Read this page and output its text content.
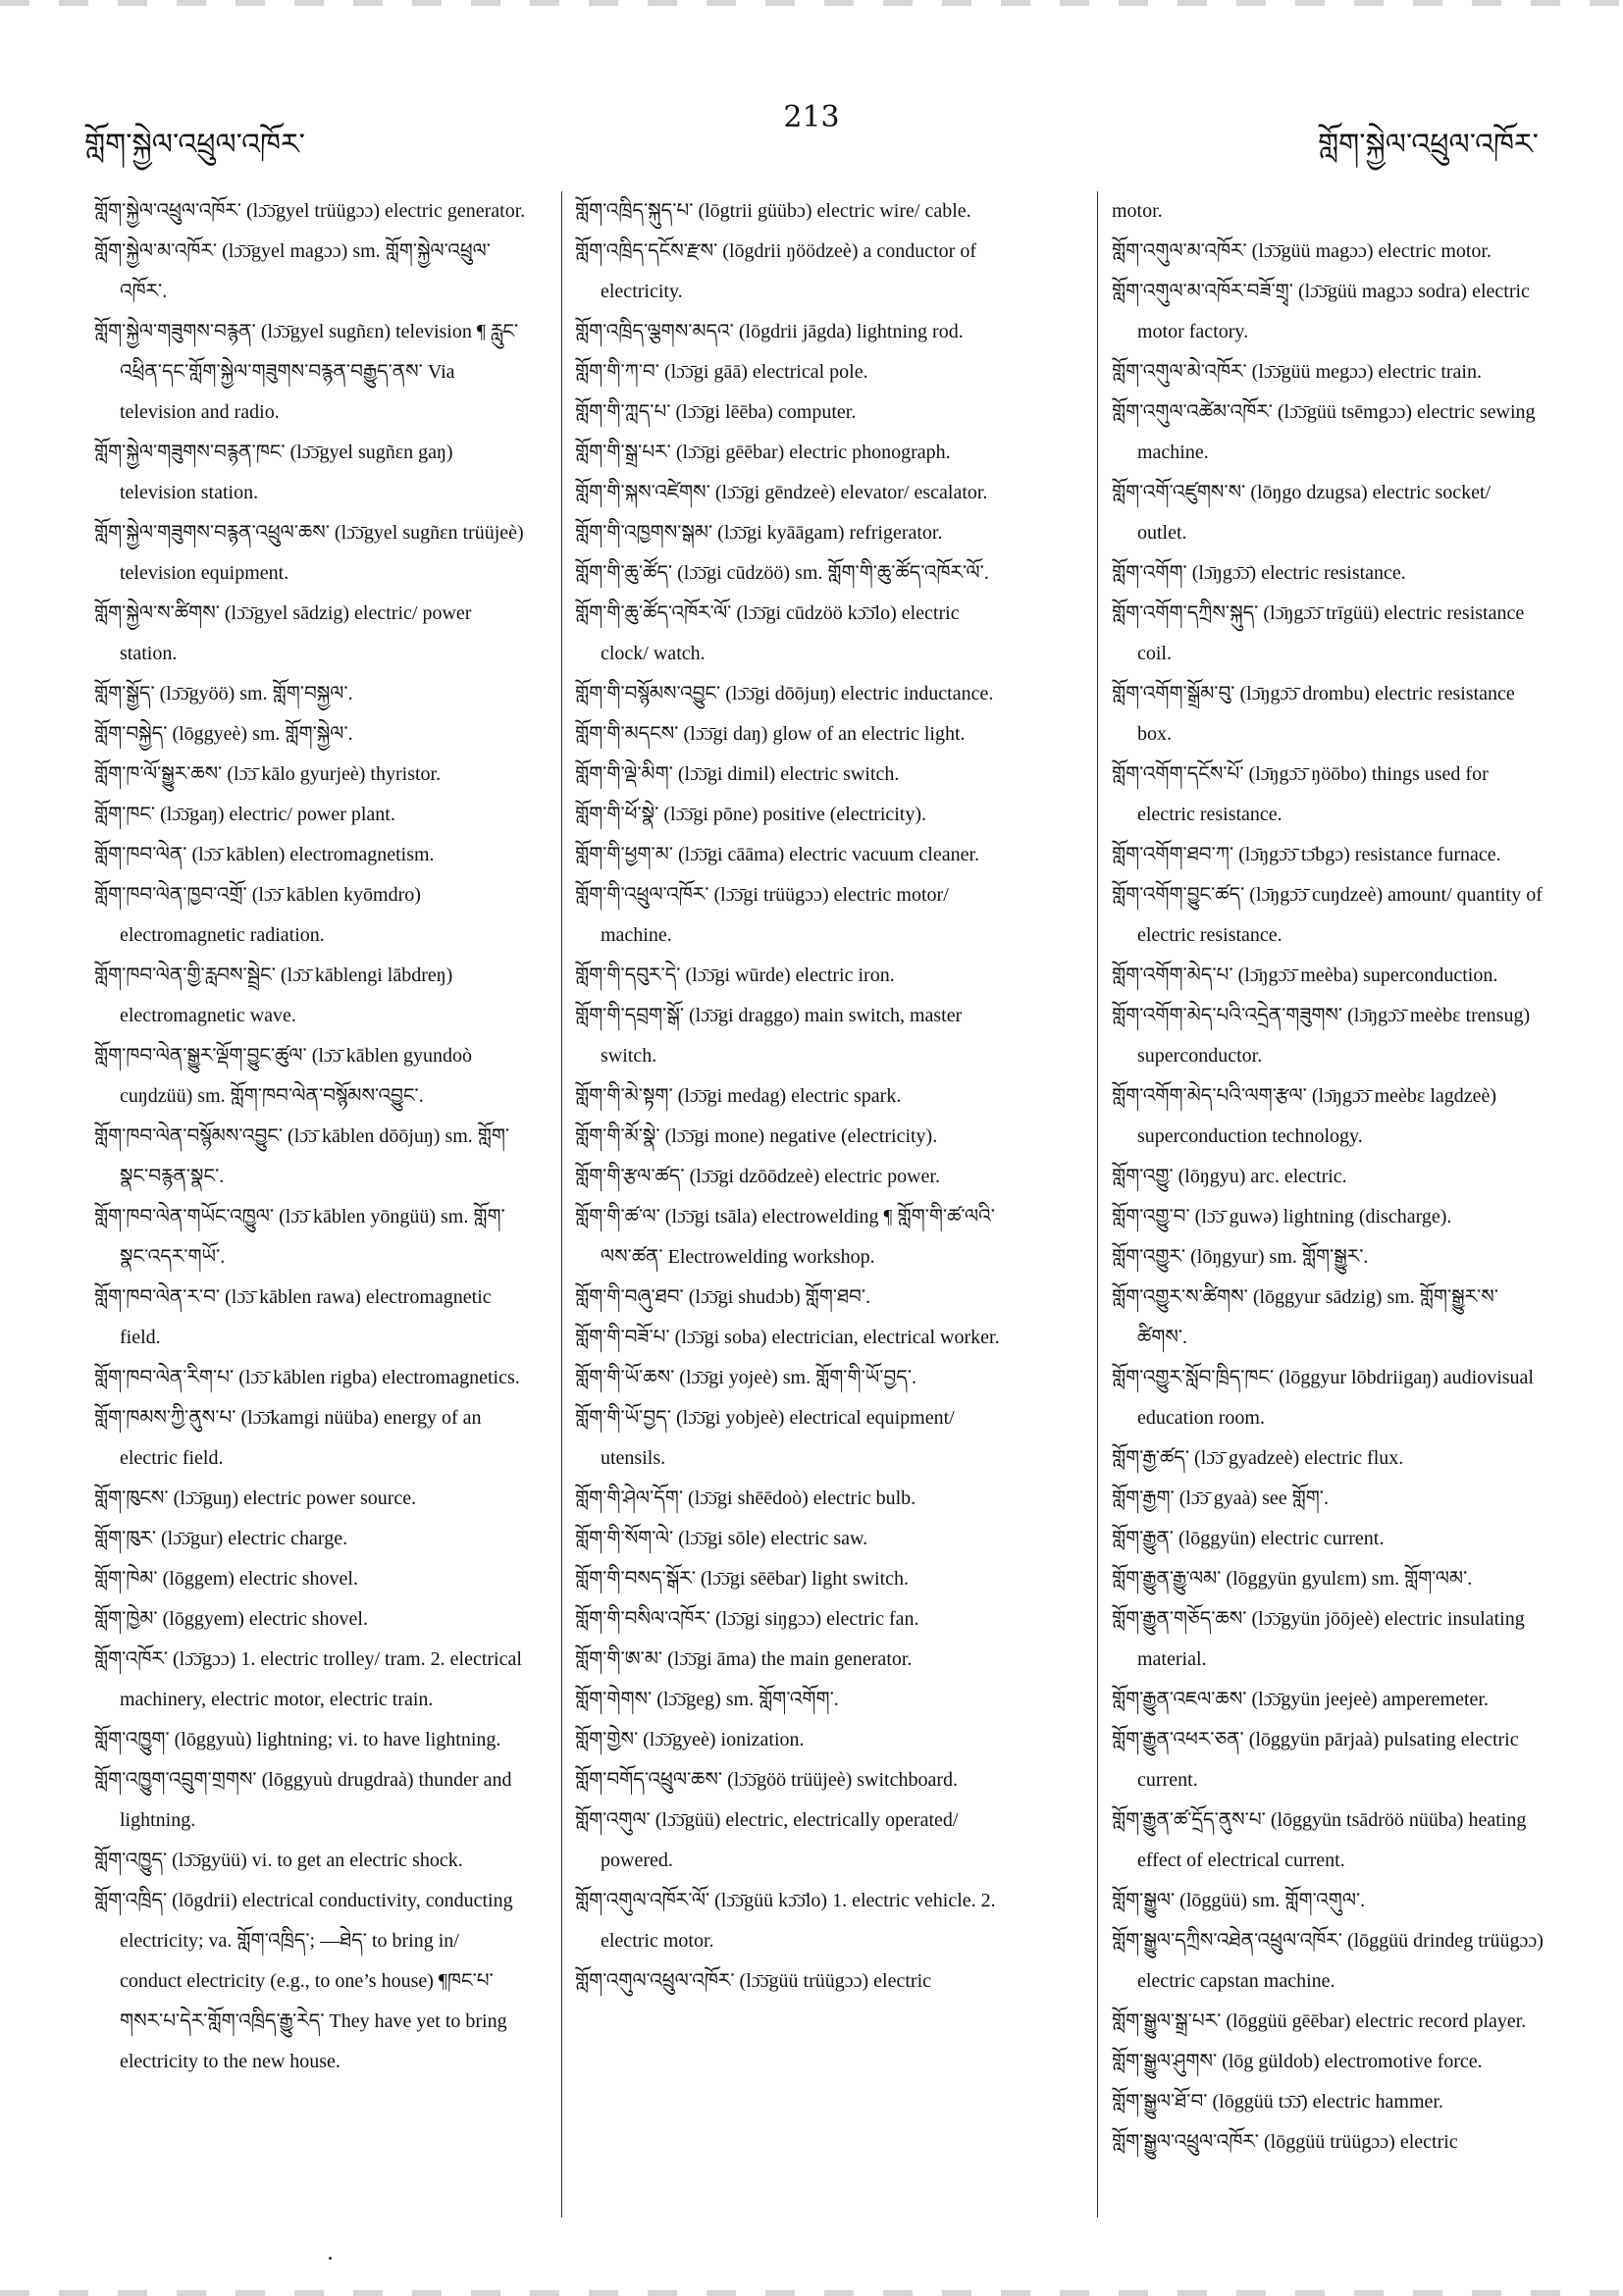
གློག་སྐྱེལ་འཕྲུལ་འཁོར་
213
གློག་སྐྱེལ་འཕྲུལ་འཁོར་

གློག་སྐྱེལ་འཕྲུལ་འཁོར་ (lɔ̄ɔ̄gyel trüügɔɔ) electric generator.

གློག་སྐྱེལ་མ་འཁོར་ (lɔ̄ɔ̄gyel magɔɔ) sm. གློག་སྐྱེལ་འཕྲུལ་འཁོར་.

གློག་སྐྱེལ་གཟུགས་བརྙན་ (lɔ̄ɔ̄gyel sugñɛn) television ¶ རླུང་འཕྲིན་དང་གློག་སྐྱེལ་གཟུགས་བརྙན་བརྒྱུད་ནས་ Via television and radio.

གློག་སྐྱེལ་གཟུགས་བརྙན་ཁང་ (lɔ̄ɔ̄gyel sugñɛn gaŋ) television station.

གློག་སྐྱེལ་གཟུགས་བརྙན་འཕྲུལ་ཆས་ (lɔ̄ɔ̄gyel sugñɛn trüüjeè) television equipment.

གློག་སྐྱེལ་ས་ཚིགས་ (lɔ̄ɔ̄gyel sādzig) electric/ power station.

གློག་སྒྱོད་ (lɔ̄ɔ̄gyöö) sm. གློག་བསྐྱལ་.

གློག་བསྐྱེད་ (lōggyeè) sm. གློག་སྐྱེལ་.

གློག་ཁ་ལོ་སྒྱུར་ཆས་ (lɔ̄ɔ̄ kālo gyurjeè) thyristor.

གློག་ཁང་ (lɔ̄ɔ̄gaŋ) electric/ power plant.

གློག་ཁབ་ལེན་ (lɔ̄ɔ̄ kāblen) electromagnetism.

གློག་ཁབ་ལེན་ཁྱབ་འགྲོ་ (lɔ̄ɔ̄ kāblen kyōmdro) electromagnetic radiation.

གློག་ཁབ་ལེན་གྱི་རླབས་སྦྲེང་ (lɔ̄ɔ̄ kāblengi lābdreŋ) electromagnetic wave.

གློག་ཁབ་ལེན་སྒྱུར་ལྡོག་བྱུང་ཚུལ་ (lɔ̄ɔ̄ kāblen gyundoò cuŋdzüü) sm. གློག་ཁབ་ལེན་བསྙོམས་འབྱུང་.

གློག་ཁབ་ལེན་བསྙོམས་འབྱུང་ (lɔ̄ɔ̄ kāblen dōōjuŋ) sm. གློག་སྣང་བརྙན་སྣང་.

གློག་ཁབ་ལེན་གཡོང་འཁྱུལ་ (lɔ̄ɔ̄ kāblen yōngüü) sm. གློག་སྣང་འདར་གཡོ་.

གློག་ཁབ་ལེན་ར་བ་ (lɔ̄ɔ̄ kāblen rawa) electromagnetic field.

གློག་ཁབ་ལེན་རིག་པ་ (lɔ̄ɔ̄ kāblen rigba) electromagnetics.

གློག་ཁམས་ཀྱི་ནུས་པ་ (lɔ̄ɔ̄kamgi nüüba) energy of an electric field.

གློག་ཁུངས་ (lɔ̄ɔ̄guŋ) electric power source.

གློག་ཁུར་ (lɔ̄ɔ̄gur) electric charge.

གློག་ཁེམ་ (lōggem) electric shovel.

གློག་ཁྱེམ་ (lōggyem) electric shovel.

གློག་འཁོར་ (lɔ̄ɔ̄gɔɔ) 1. electric trolley/ tram. 2. electrical machinery, electric motor, electric train.

གློག་འཁྱུག་ (lōggyuù) lightning; vi. to have lightning.

གློག་འཁྱུག་འབྲུག་གྲགས་ (lōggyuù drugdraà) thunder and lightning.

གློག་འཁྱུད་ (lɔ̄ɔ̄gyüü) vi. to get an electric shock.

གློག་འཁྲིད་ (lōgdrii) electrical conductivity, conducting electricity; va. གློག་འཁྲིད་; —ཐེད་ to bring in/ conduct electricity (e.g., to one’s house) ¶ཁང་པ་གསར་པ་དེར་གློག་འཁྲིད་རྒྱུ་རེད་ They have yet to bring electricity to the new house.

གློག་འཁྲིད་སྐུད་པ་ (lōgtrii güübɔ) electric wire/ cable.

གློག་འཁྲིད་དངོས་རྫས་ (lōgdrii ŋöödzeè) a conductor of electricity.

གློག་འཁྲིད་ལྕགས་མདའ་ (lōgdrii jāgda) lightning rod.

གློག་གི་ཀ་བ་ (lɔ̄ɔ̄gi gāā) electrical pole.

གློག་གི་ཀླད་པ་ (lɔ̄ɔ̄gi lēēba) computer.

གློག་གི་སྒྲ་པར་ (lɔ̄ɔ̄gi gēēbar) electric phonograph.

གློག་གི་སྐས་འཛེགས་ (lɔ̄ɔ̄gi gēndzeè) elevator/ escalator.

གློག་གི་འཁྱགས་སྒམ་ (lɔ̄ɔ̄gi kyāāgam) refrigerator.

གློག་གི་ཆུ་ཚོད་ (lɔ̄ɔ̄gi cūdzöö) sm. གློག་གི་ཆུ་ཚོད་འཁོར་ལོ་.

གློག་གི་ཆུ་ཚོད་འཁོར་ལོ་ (lɔ̄ɔ̄gi cūdzöö kɔ̄ɔ̄lo) electric clock/ watch.

གློག་གི་བསྙོམས་འབྱུང་ (lɔ̄ɔ̄gi dōōjuŋ) electric inductance.

གློག་གི་མདངས་ (lɔ̄ɔ̄gi daŋ) glow of an electric light.

གློག་གི་ལྡེ་མིག་ (lɔ̄ɔ̄gi dimil) electric switch.

གློག་གི་ཕོ་སྣེ་ (lɔ̄ɔ̄gi pōne) positive (electricity).

གློག་གི་ཕྱག་མ་ (lɔ̄ɔ̄gi cāāma) electric vacuum cleaner.

གློག་གི་འཕྲུལ་འཁོར་ (lɔ̄ɔ̄gi trüügɔɔ) electric motor/ machine.

གློག་གི་དབུར་དེ་ (lɔ̄ɔ̄gi wūrde) electric iron.

གློག་གི་དབྲག་སྒོ་ (lɔ̄ɔ̄gi draggo) main switch, master switch.

གློག་གི་མེ་སྟག་ (lɔ̄ɔ̄gi medag) electric spark.

གློག་གི་མོ་སྣེ་ (lɔ̄ɔ̄gi mone) negative (electricity).

གློག་གི་རྩལ་ཚད་ (lɔ̄ɔ̄gi dzōōdzeè) electric power.

གློག་གི་ཚ་ལ་ (lɔ̄ɔ̄gi tsāla) electrowelding ¶ གློག་གི་ཚ་ལའི་ལས་ཚན་ Electrowelding workshop.

གློག་གི་བཞུ་ཐབ་ (lɔ̄ɔ̄gi shudɔb) གློག་ཐབ་.

གློག་གི་བཟོ་པ་ (lɔ̄ɔ̄gi soba) electrician, electrical worker.

གློག་གི་ཡོ་ཆས་ (lɔ̄ɔ̄gi yojeè) sm. གློག་གི་ཡོ་བྱད་.

གློག་གི་ཡོ་བྱད་ (lɔ̄ɔ̄gi yobjeè) electrical equipment/ utensils.

གློག་གི་ཤེལ་དོག་ (lɔ̄ɔ̄gi shēēdoò) electric bulb.

གློག་གི་སོག་ལེ་ (lɔ̄ɔ̄gi sōle) electric saw.

གློག་གི་བསད་སྒོར་ (lɔ̄ɔ̄gi sēēbar) light switch.

གློག་གི་བསིལ་འཁོར་ (lɔ̄ɔ̄gi siŋgɔɔ) electric fan.

གློག་གི་ཨ་མ་ (lɔ̄ɔ̄gi āma) the main generator.

གློག་གེགས་ (lɔ̄ɔ̄geg) sm. གློག་འགོག་.

གློག་གྱེས་ (lɔ̄ɔ̄gyeè) ionization.

གློག་བགོད་འཕྲུལ་ཆས་ (lɔ̄ɔ̄göö trüüjeè) switchboard.

གློག་འགུལ་ (lɔ̄ɔ̄güü) electric, electrically operated/ powered.

གློག་འགུལ་འཁོར་ལོ་ (lɔ̄ɔ̄güü kɔ̄ɔ̄lo) 1. electric vehicle. 2. electric motor.

གློག་འགུལ་འཕྲུལ་འཁོར་ (lɔ̄ɔ̄güü trüügɔɔ) electric

motor.

གློག་འགུལ་མ་འཁོར་ (lɔ̄ɔ̄güü magɔɔ) electric motor.

གློག་འགུལ་མ་འཁོར་བཟོ་གྲྭ་ (lɔ̄ɔ̄güü magɔɔ sodra) electric motor factory.

གློག་འགུལ་མེ་འཁོར་ (lɔ̄ɔ̄güü megɔɔ) electric train.

གློག་འགུལ་འཚེམ་འཁོར་ (lɔ̄ɔ̄güü tsēmgɔɔ) electric sewing machine.

གློག་འགོ་འཛུགས་ས་ (lōŋgo dzugsa) electric socket/ outlet.

གློག་འགོག་ (lɔ̄ŋgɔ̄ɔ̄) electric resistance.

གློག་འགོག་དཀྲིས་སྐུད་ (lɔ̄ŋgɔ̄ɔ̄ trīgüü) electric resistance coil.

གློག་འགོག་སྒྲོམ་བུ་ (lɔ̄ŋgɔ̄ɔ̄ drombu) electric resistance box.

གློག་འགོག་དངོས་པོ་ (lɔ̄ŋgɔ̄ɔ̄ ŋöōbo) things used for electric resistance.

གློག་འགོག་ཐབ་ཀ་ (lɔ̄ŋgɔ̄ɔ̄ tɔ̄bgɔ) resistance furnace.

གློག་འགོག་བྱུང་ཚད་ (lɔ̄ŋgɔ̄ɔ̄ cuŋdzeè) amount/ quantity of electric resistance.

གློག་འགོག་མེད་པ་ (lɔ̄ŋgɔ̄ɔ̄ meèba) superconduction.

གློག་འགོག་མེད་པའི་འདྲེན་གཟུགས་ (lɔ̄ŋgɔ̄ɔ̄ meèbɛ trensug) superconductor.

གློག་འགོག་མེད་པའི་ལག་རྩལ་ (lɔ̄ŋgɔ̄ɔ̄ meèbɛ lagdzeè) superconduction technology.

གློག་འགྱུ་ (lōŋgyu) arc. electric.

གློག་འགྱུ་བ་ (lɔ̄ɔ̄ guwə) lightning (discharge).

གློག་འགྱུར་ (lōŋgyur) sm. གློག་སྒྱུར་.

གློག་འགྱུར་ས་ཚིགས་ (lōggyur sādzig) sm. གློག་སྒྱུར་ས་ཚིགས་.

གློག་འགྱུར་སློབ་ཁྲིད་ཁང་ (lōggyur lōbdriigaŋ) audiovisual education room.

གློག་རྒྱ་ཚད་ (lɔ̄ɔ̄ gyadzeè) electric flux.

གློག་རྒྱག་ (lɔ̄ɔ̄ gyaà) see གློག་.

གློག་རྒྱུན་ (lōggyün) electric current.

གློག་རྒྱུན་རྒྱུ་ལམ་ (lōggyün gyulɛm) sm. གློག་ལམ་.

གློག་རྒྱུན་གཅོད་ཆས་ (lɔ̄ɔ̄gyün jōōjeè) electric insulating material.

གློག་རྒྱུན་འཇལ་ཆས་ (lɔ̄ɔ̄gyün jeejeè) amperemeter.

གློག་རྒྱུན་འཕར་ཅན་ (lōggyün pārjaà) pulsating electric current.

གློག་རྒྱུན་ཚ་དྲོད་ནུས་པ་ (lōggyün tsādröö nüüba) heating effect of electrical current.

གློག་སྒྱུལ་ (lōggüü) sm. གློག་འགུལ་.

གློག་སྒྱུལ་དཀྲིས་འཐེན་འཕྲུལ་འཁོར་ (lōggüü drindeg trüügɔɔ) electric capstan machine.

གློག་སྒྱུལ་སྒྲ་པར་ (lōggüü gēēbar) electric record player.

གློག་སྒྱུལ་ཤུགས་ (lōg güldob) electromotive force.

གློག་སྒྱུལ་ཐོ་བ་ (lōggüü tɔ̄ɔ̄) electric hammer.

གློག་སྒྱུལ་འཕྲུལ་འཁོར་ (lōggüü trüügɔɔ) electric
